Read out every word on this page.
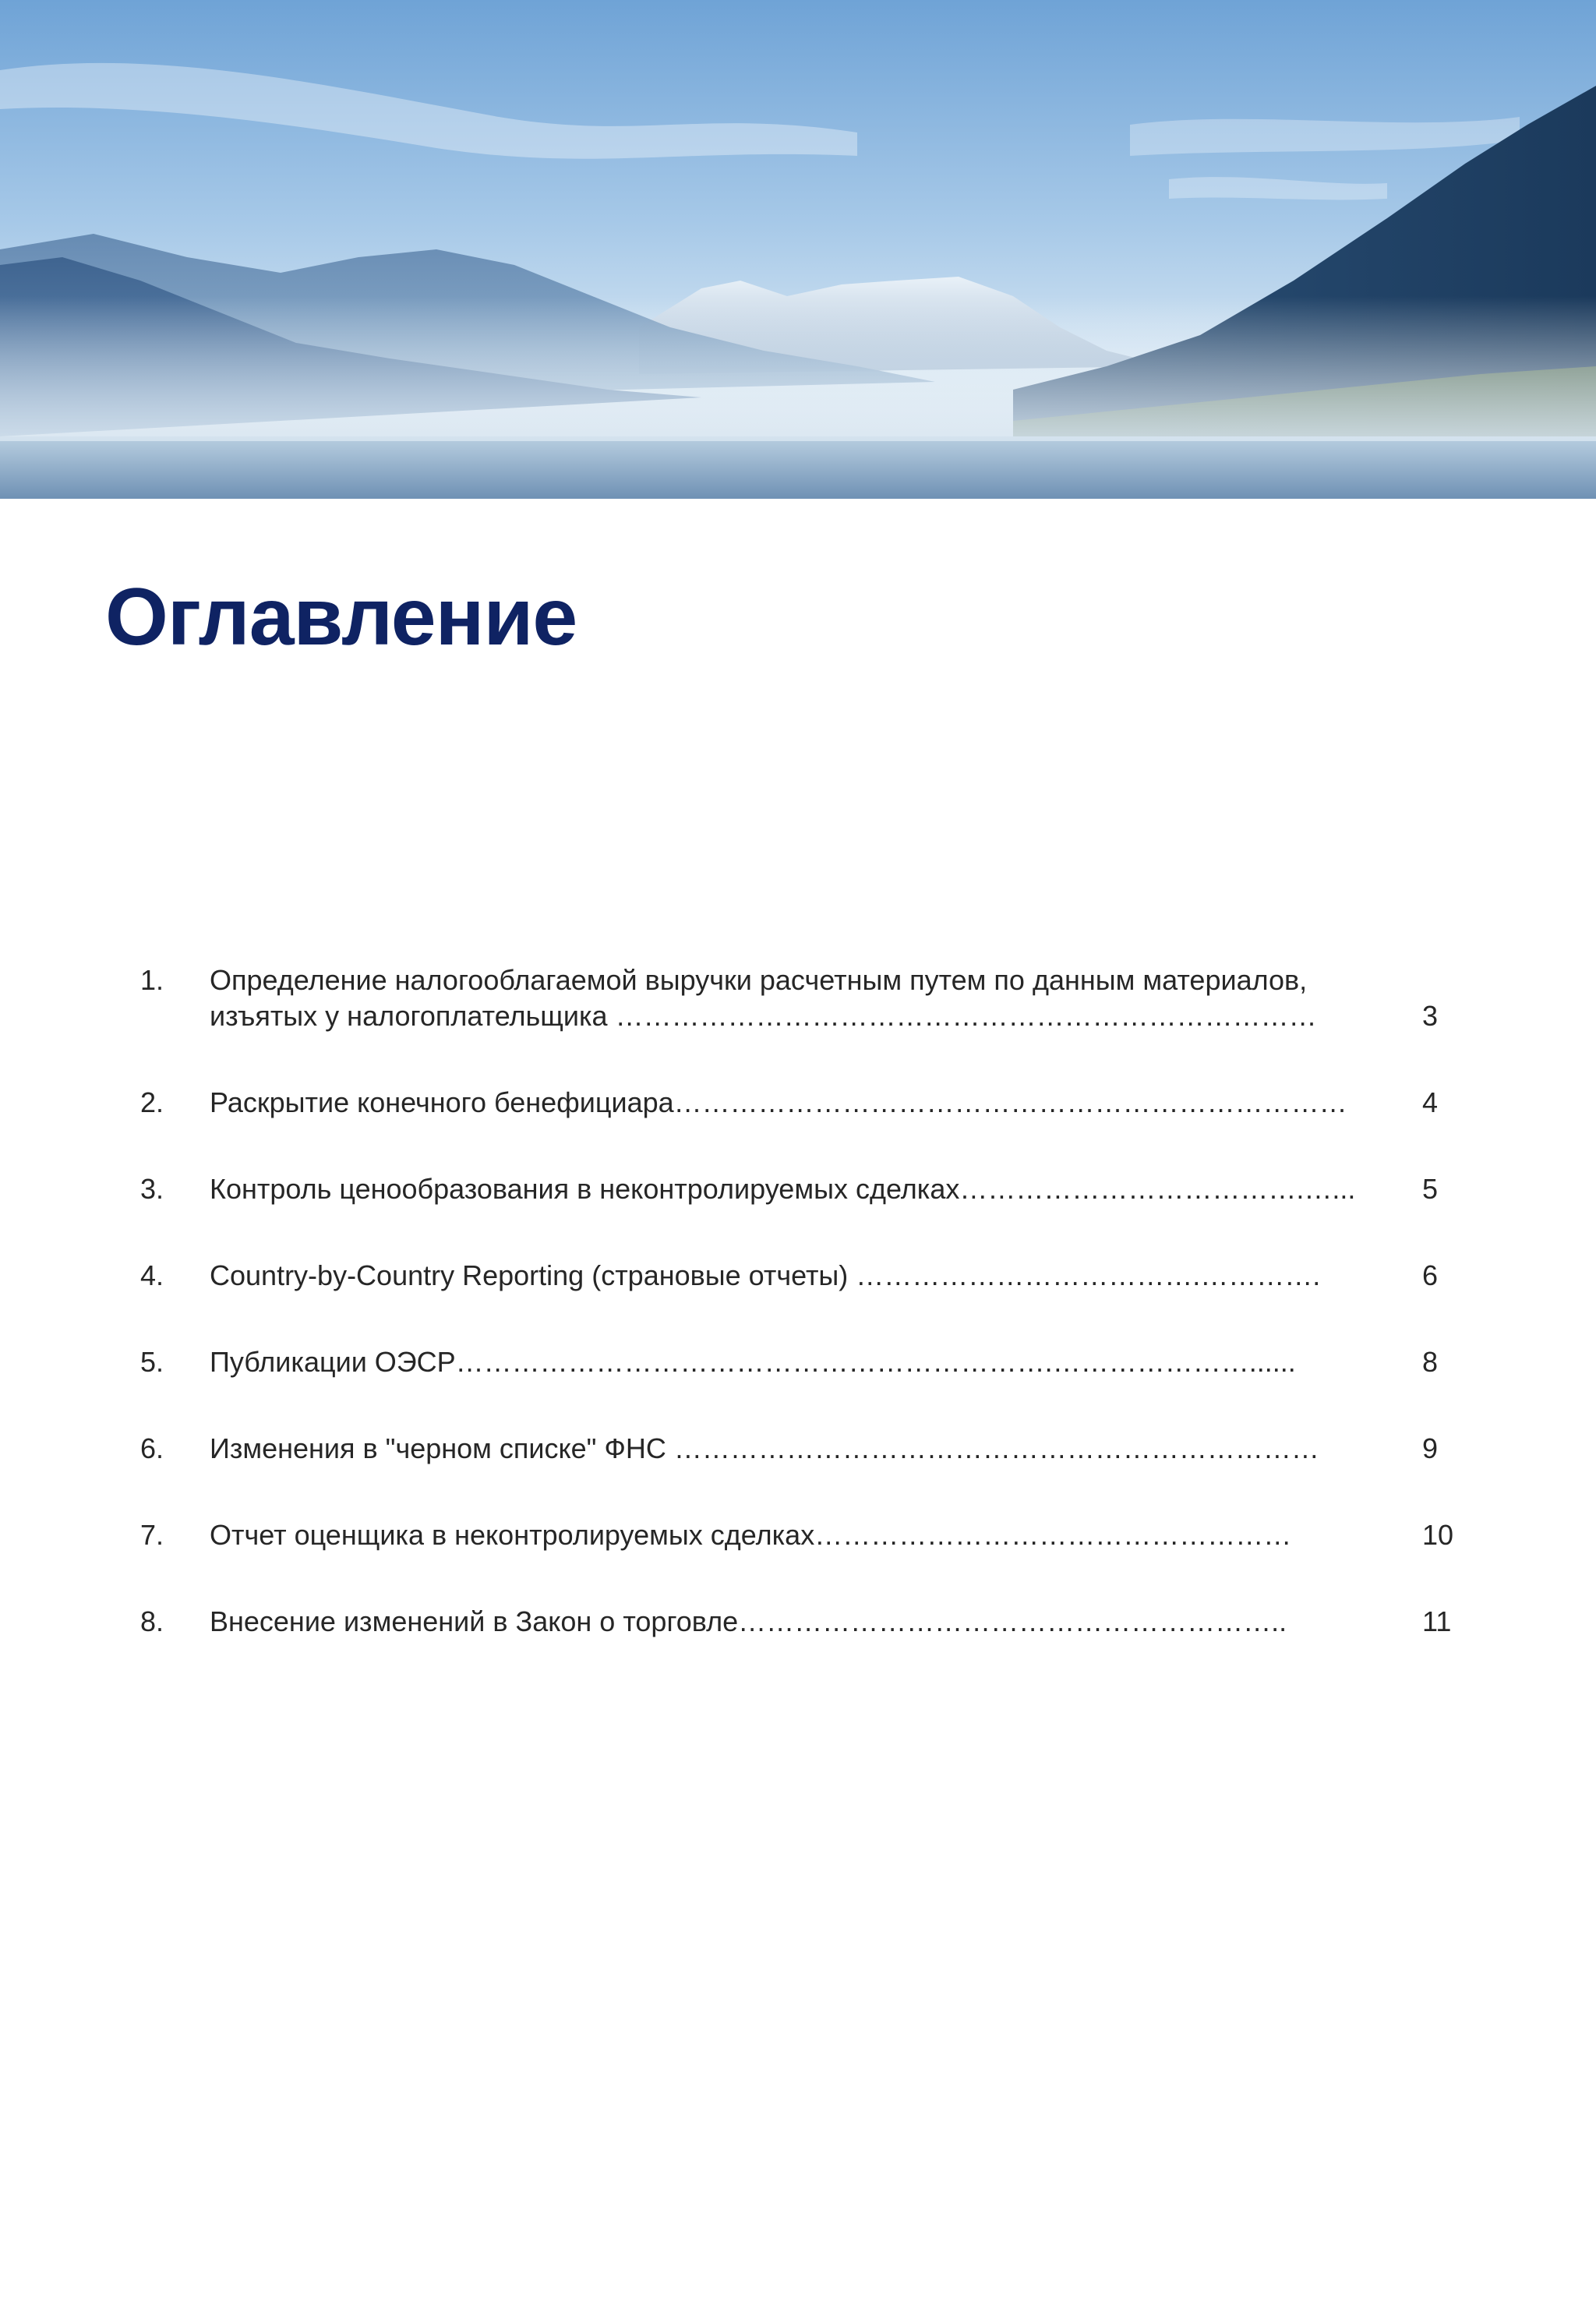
Оглавление
1.	Определение налогооблагаемой выручки расчетным путем по данным материалов,
изъятых у налогоплательщика …………………………………………………………………	3
2.	Раскрытие конечного бенефициара………………………………………………………………	4
3.	Контроль ценообразования в неконтролируемых сделках……………………………….…...	5
4.	Country-by-Country Reporting (страновые отчеты) ……………………………….………….	6
5.	Публикации ОЭСР……………………………………………………….…………………......	8
6.	Изменения в "черном списке" ФНС ……………………………………………………………	9
7.	Отчет оценщика в неконтролируемых сделках……………………………………………	10
8.	Внесение изменений в Закон о торговле…………………………………………………..	11
